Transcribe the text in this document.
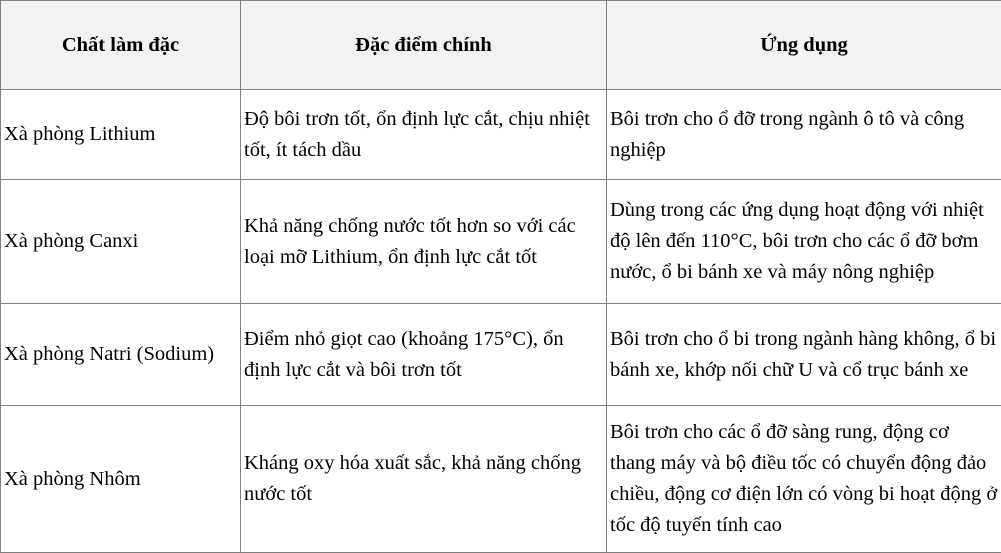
Chất làm đặc	Đặc điểm chính	Ứng dụng
Xà phòng Lithium	Độ bôi trơn tốt, ổn định lực cắt, chịu nhiệt tốt, ít tách dầu	Bôi trơn cho ổ đỡ trong ngành ô tô và công nghiệp
Xà phòng Canxi	Khả năng chống nước tốt hơn so với các loại mỡ Lithium, ổn định lực cắt tốt	Dùng trong các ứng dụng hoạt động với nhiệt độ lên đến 110°C, bôi trơn cho các ổ đỡ bơm nước, ổ bi bánh xe và máy nông nghiệp
Xà phòng Natri (Sodium)	Điểm nhỏ giọt cao (khoảng 175°C), ổn định lực cắt và bôi trơn tốt	Bôi trơn cho ổ bi trong ngành hàng không, ổ bi bánh xe, khớp nối chữ U và cổ trục bánh xe
Xà phòng Nhôm	Kháng oxy hóa xuất sắc, khả năng chống nước tốt	Bôi trơn cho các ổ đỡ sàng rung, động cơ thang máy và bộ điều tốc có chuyển động đảo chiều, động cơ điện lớn có vòng bi hoạt động ở tốc độ tuyến tính cao
